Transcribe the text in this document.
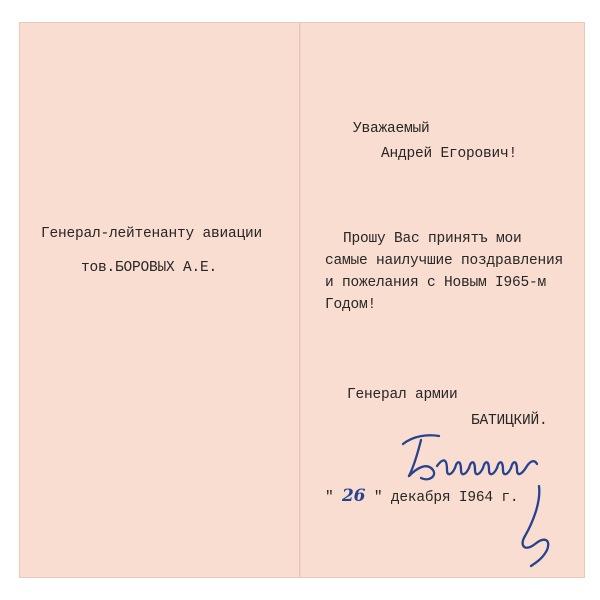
Генерал-лейтенанту авиации
тов.БОРОВЫХ А.Е.
Уважаемый
Андрей Егорович!
Прошу Вас принятъ мои
самые наилучшие поздравления
и пожелания с Новым I965-м
Годом!
Генерал армии
БАТИЦКИЙ.
" 26 " декабря I964 г.
